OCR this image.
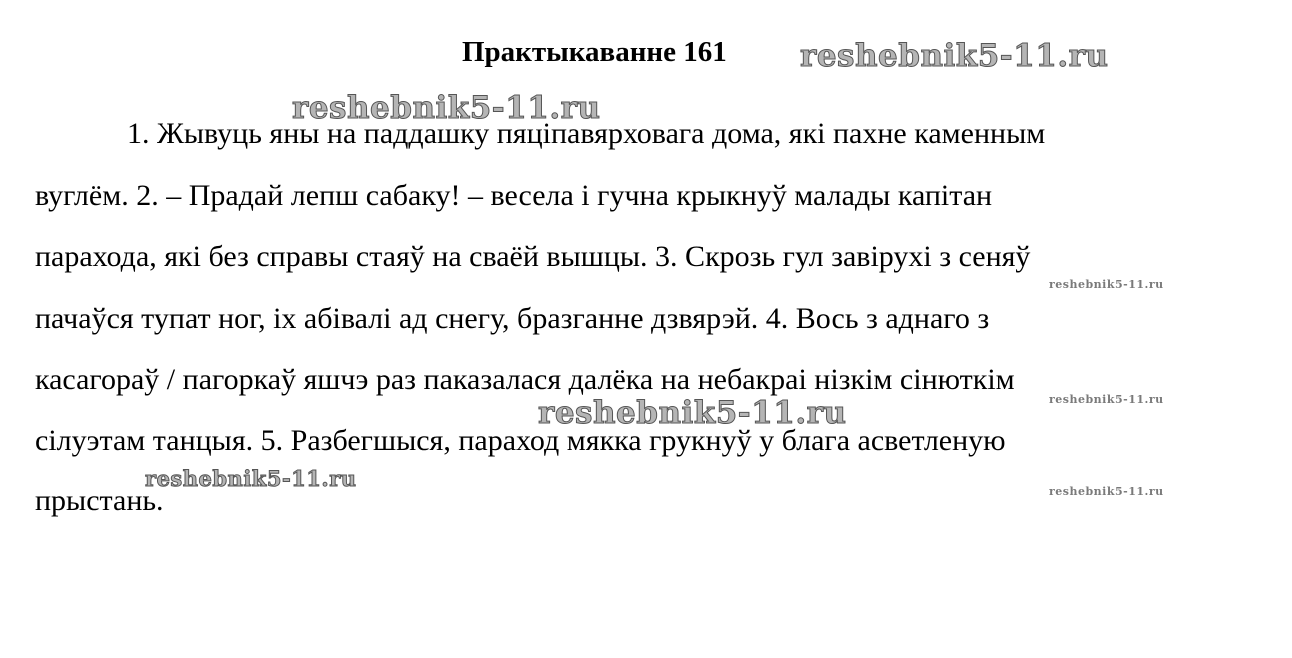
Практыкаванне 161
1. Жывуць яны на паддашку пяціпавярховага дома, які пахне каменным
вуглём. 2. – Прадай лепш сабаку! – весела і гучна крыкнуў малады капітан
парахода, які без справы стаяў на сваёй вышцы. 3. Скрозь гул завірухі з сеняў
пачаўся тупат ног, іх абівалі ад снегу, бразганне дзвярэй. 4. Вось з аднаго з
касагораў / пагоркаў яшчэ раз паказалася далёка на небакраі нізкім сінюткім
сілуэтам танцыя. 5. Разбегшыся, параход мякка грукнуў у блага асветленую
прыстань.
reshebnik5-11.ru
reshebnik5-11.ru
reshebnik5-11.ru
reshebnik5-11.ru
reshebnik5-11.ru
reshebnik5-11.ru
reshebnik5-11.ru
